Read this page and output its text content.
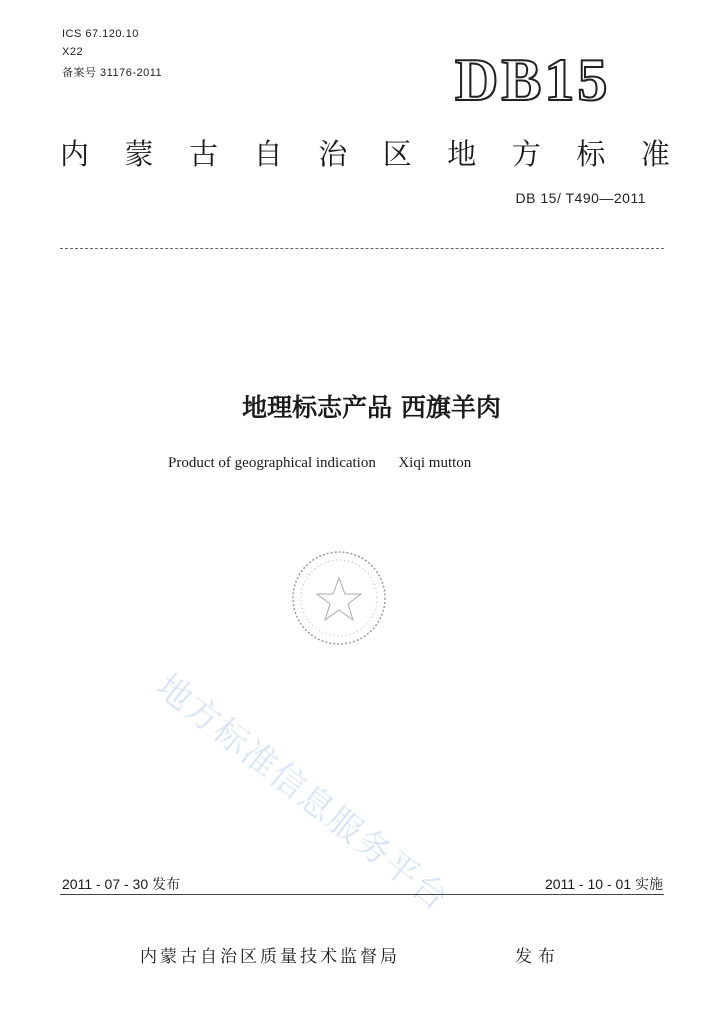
ICS 67.120.10
X22
备案号 31176-2011	DB15
内 蒙 古 自 治 区 地 方 标 准
DB 15/ T490—2011
地理标志产品 西旗羊肉
Product of geographical indication      Xiqi mutton
地方标准信息服务平台
2011 - 07 - 30 发布	2011 - 10 - 01 实施
内蒙古自治区质量技术监督局	发布
